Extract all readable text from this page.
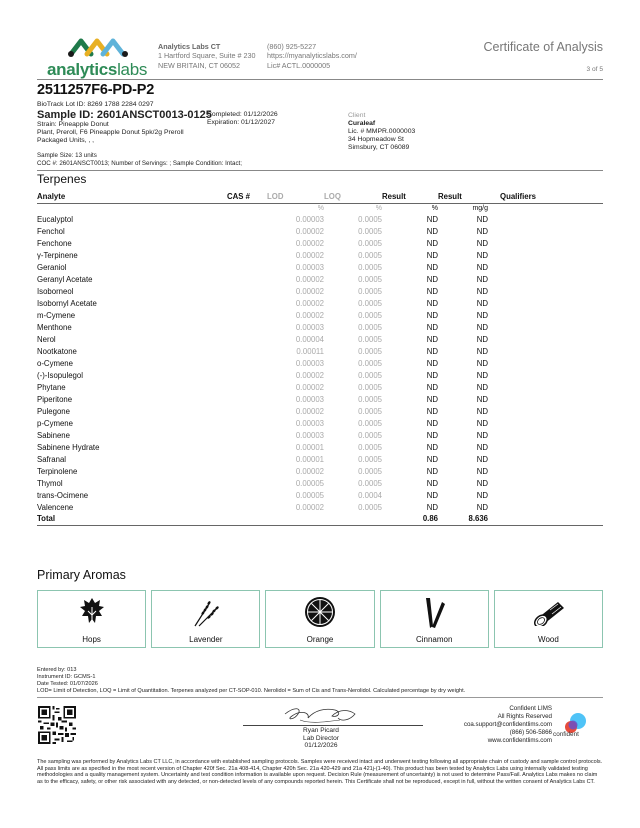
analyticslabs
Analytics Labs CT
1 Hartford Square, Suite # 230
NEW BRITAIN, CT 06052
(860) 925-5227
https://myanalyticslabs.com/
Lic# ACTL.0000005
Certificate of Analysis
3 of 5
2511257F6-PD-P2
BioTrack Lot ID: 8269 1788 2284 0297
Sample ID: 2601ANSCT0013-0125
Strain: Pineapple Donut
Plant, Preroll, F6 Pineapple Donut 5pk/2g Preroll
Packaged Units, , ,
Completed: 01/12/2026
Expiration: 01/12/2027
Client
Curaleaf
Lic. # MMPR.0000003
34 Hopmeadow St
Simsbury, CT 06089
Sample Size: 13 units
COC #: 2601ANSCT0013; Number of Servings: ; Sample Condition: Intact;
Terpenes
Analyte	CAS #	LOD	LOQ	Result	Result	Qualifiers
		%	%	%	mg/g	
Eucalyptol		0.00003	0.0005	ND	ND	
Fenchol		0.00002	0.0005	ND	ND	
Fenchone		0.00002	0.0005	ND	ND	
γ-Terpinene		0.00002	0.0005	ND	ND	
Geraniol		0.00003	0.0005	ND	ND	
Geranyl Acetate		0.00002	0.0005	ND	ND	
Isoborneol		0.00002	0.0005	ND	ND	
Isobornyl Acetate		0.00002	0.0005	ND	ND	
m-Cymene		0.00002	0.0005	ND	ND	
Menthone		0.00003	0.0005	ND	ND	
Nerol		0.00004	0.0005	ND	ND	
Nootkatone		0.00011	0.0005	ND	ND	
o-Cymene		0.00003	0.0005	ND	ND	
(-)-Isopulegol		0.00002	0.0005	ND	ND	
Phytane		0.00002	0.0005	ND	ND	
Piperitone		0.00003	0.0005	ND	ND	
Pulegone		0.00002	0.0005	ND	ND	
p-Cymene		0.00003	0.0005	ND	ND	
Sabinene		0.00003	0.0005	ND	ND	
Sabinene Hydrate		0.00001	0.0005	ND	ND	
Safranal		0.00001	0.0005	ND	ND	
Terpinolene		0.00002	0.0005	ND	ND	
Thymol		0.00005	0.0005	ND	ND	
trans-Ocimene		0.00005	0.0004	ND	ND	
Valencene		0.00002	0.0005	ND	ND	
Total				0.86	8.636	
Primary Aromas
Hops	Lavender	Orange	Cinnamon	Wood
Entered by: 013
Instrument ID: GCMS-1
Date Tested: 01/07/2026
LOD= Limit of Detection, LOQ = Limit of Quantitation. Terpenes analyzed per CT-SOP-010. Nerolidol = Sum of Cis and Trans-Nerolidol. Calculated percentage by dry weight.
Ryan Picard
Lab Director
01/12/2026
Confident LIMS
All Rights Reserved
coa.support@confidentlims.com
(866) 506-5866
www.confidentlims.com
confident
The sampling was performed by Analytics Labs CT LLC, in accordance with established sampling protocols. Samples were received intact and underwent testing following all appropriate chain of custody and sample control protocols. All pass limits are as specified in the most recent version of Chapter 420f Sec. 21a 408-414, Chapter 420h Sec. 21a 420-429 and 21a 421j-(1-40). This product has been tested by Analytics Labs using internally validated testing methodologies and a quality management system. Uncertainty and test condition information is available upon request. Decision Rule (measurement of uncertainty) is not used to determine Pass/Fail. Analytics Labs makes no claim as to the efficacy, safety, or other risk associated with any detected, or non-detected levels of any compounds reported herein. This Certificate shall not be reproduced, except in full, without the written consent of Analytics Labs CT.
